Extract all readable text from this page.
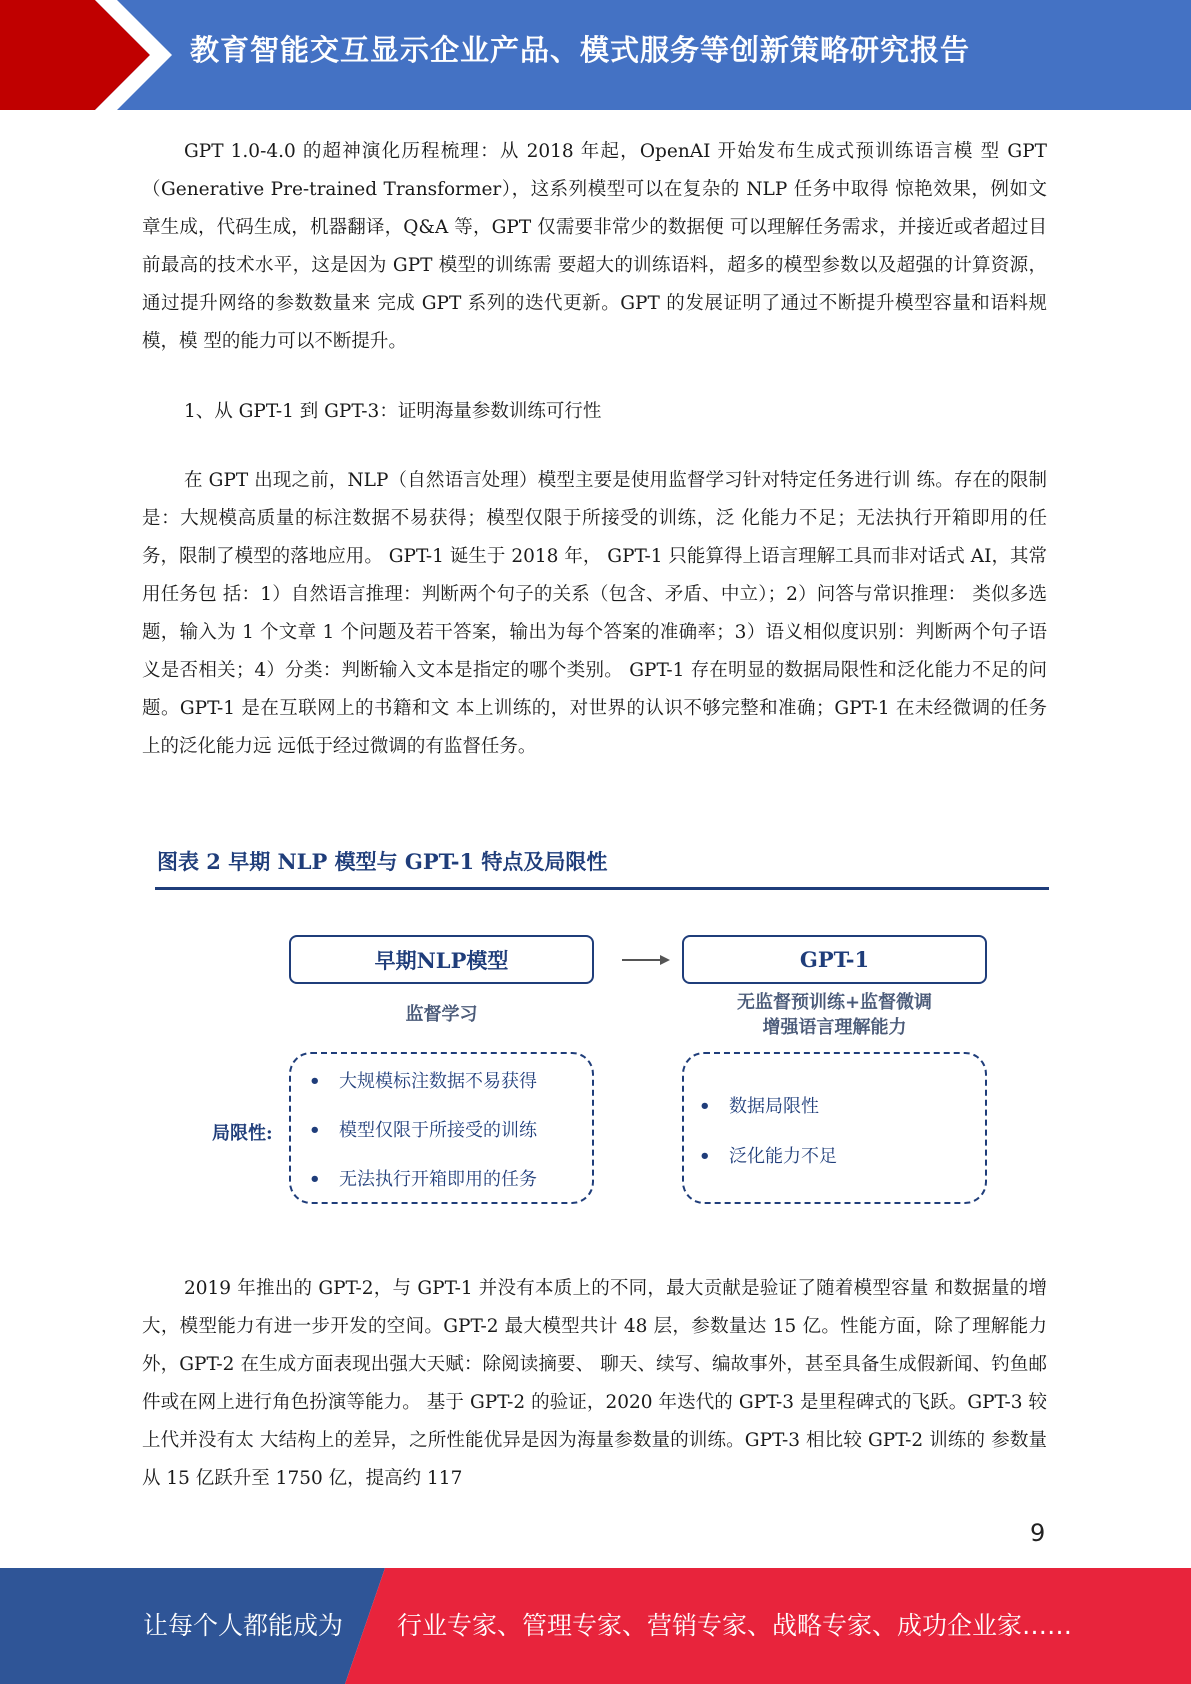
教育智能交互显示企业产品、模式服务等创新策略研究报告

GPT 1.0-4.0 的超神演化历程梳理：从 2018 年起，OpenAI 开始发布生成式预训练语言模 型 GPT（Generative Pre-trained Transformer），这系列模型可以在复杂的 NLP 任务中取得 惊艳效果，例如文章生成，代码生成，机器翻译，Q&A 等，GPT 仅需要非常少的数据便 可以理解任务需求，并接近或者超过目前最高的技术水平，这是因为 GPT 模型的训练需 要超大的训练语料，超多的模型参数以及超强的计算资源，通过提升网络的参数数量来 完成 GPT 系列的迭代更新。GPT 的发展证明了通过不断提升模型容量和语料规模，模 型的能力可以不断提升。

1、从 GPT-1 到 GPT-3：证明海量参数训练可行性

在 GPT 出现之前，NLP（自然语言处理）模型主要是使用监督学习针对特定任务进行训 练。存在的限制是：大规模高质量的标注数据不易获得；模型仅限于所接受的训练，泛 化能力不足；无法执行开箱即用的任务，限制了模型的落地应用。 GPT-1 诞生于 2018 年， GPT-1 只能算得上语言理解工具而非对话式 AI，其常用任务包 括：1）自然语言推理：判断两个句子的关系（包含、矛盾、中立）；2）问答与常识推理： 类似多选题，输入为 1 个文章 1 个问题及若干答案，输出为每个答案的准确率；3）语义相似度识别：判断两个句子语义是否相关；4）分类：判断输入文本是指定的哪个类别。 GPT-1 存在明显的数据局限性和泛化能力不足的问题。GPT-1 是在互联网上的书籍和文 本上训练的，对世界的认识不够完整和准确；GPT-1 在未经微调的任务上的泛化能力远 远低于经过微调的有监督任务。

图表 2 早期 NLP 模型与 GPT-1 特点及局限性
早期NLP模型	GPT-1
监督学习
无监督预训练+监督微调
增强语言理解能力
局限性:
• 大规模标注数据不易获得
• 模型仅限于所接受的训练
• 无法执行开箱即用的任务
• 数据局限性
• 泛化能力不足

2019 年推出的 GPT-2，与 GPT-1 并没有本质上的不同，最大贡献是验证了随着模型容量 和数据量的增大，模型能力有进一步开发的空间。GPT-2 最大模型共计 48 层，参数量达 15 亿。性能方面，除了理解能力外，GPT-2 在生成方面表现出强大天赋：除阅读摘要、 聊天、续写、编故事外，甚至具备生成假新闻、钓鱼邮件或在网上进行角色扮演等能力。 基于 GPT-2 的验证，2020 年迭代的 GPT-3 是里程碑式的飞跃。GPT-3 较上代并没有太 大结构上的差异，之所性能优异是因为海量参数量的训练。GPT-3 相比较 GPT-2 训练的 参数量从 15 亿跃升至 1750 亿，提高约 117

9
让每个人都能成为 行业专家、管理专家、营销专家、战略专家、成功企业家……
